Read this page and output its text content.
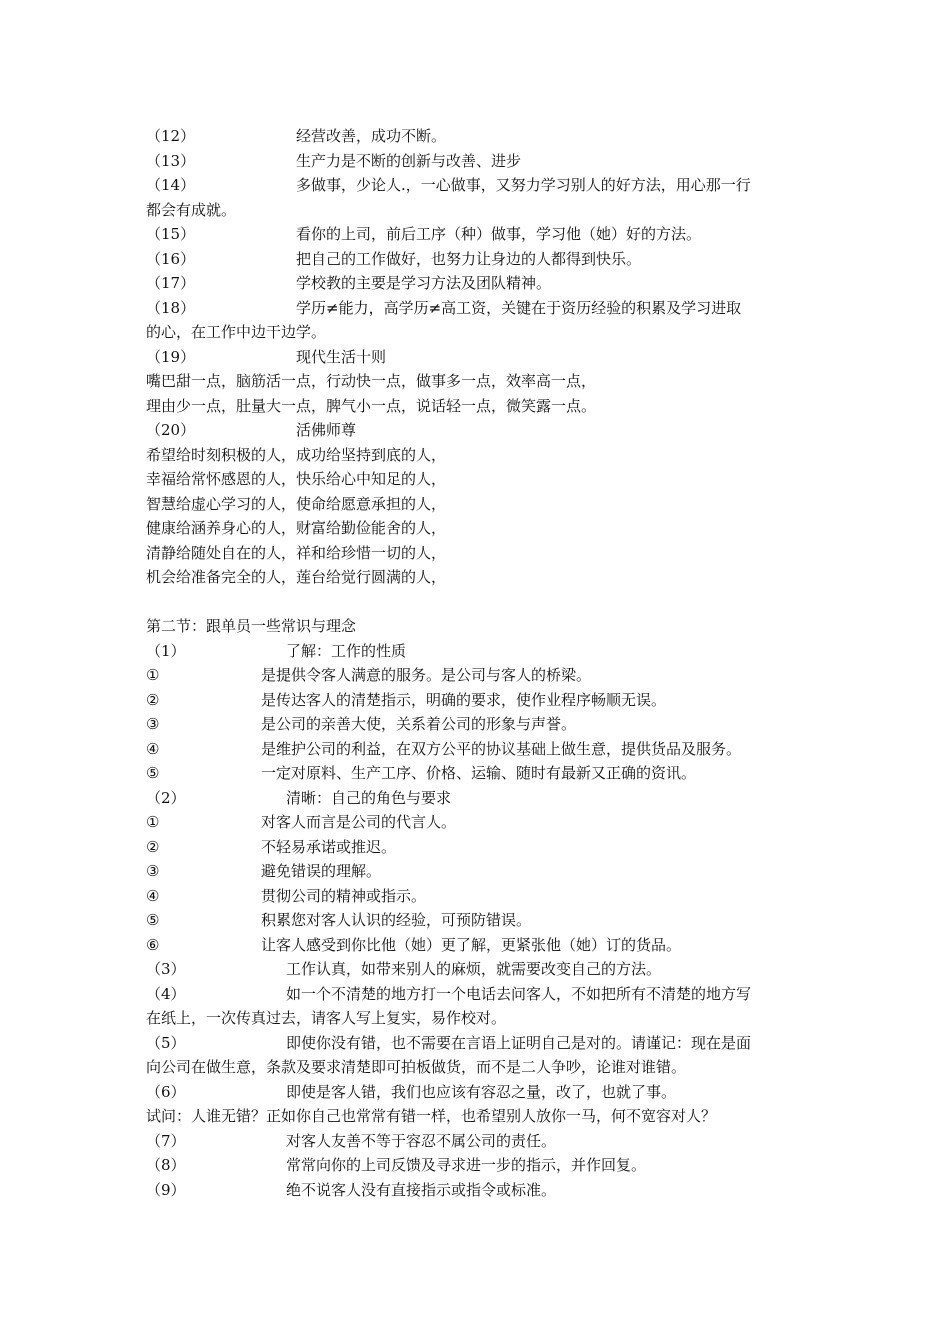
（12）	经营改善，成功不断。
（13）	生产力是不断的创新与改善、进步
（14）	多做事，少论人.，一心做事，又努力学习别人的好方法，用心那一行
都会有成就。
（15）	看你的上司，前后工序（种）做事，学习他（她）好的方法。
（16）	把自己的工作做好，也努力让身边的人都得到快乐。
（17）	学校教的主要是学习方法及团队精神。
（18）	学历≠能力，高学历≠高工资，关键在于资历经验的积累及学习进取
的心，在工作中边干边学。
（19）	现代生活十则
嘴巴甜一点，脑筋活一点，行动快一点，做事多一点，效率高一点，
理由少一点，肚量大一点，脾气小一点，说话轻一点，微笑露一点。
（20）	活佛师尊
希望给时刻积极的人，成功给坚持到底的人，
幸福给常怀感恩的人，快乐给心中知足的人，
智慧给虚心学习的人，使命给愿意承担的人，
健康给涵养身心的人，财富给勤俭能舍的人，
清静给随处自在的人，祥和给珍惜一切的人，
机会给准备完全的人，莲台给觉行圆满的人，
第二节：跟单员一些常识与理念
（1）	了解：工作的性质
①	是提供令客人满意的服务。是公司与客人的桥梁。
②	是传达客人的清楚指示，明确的要求，使作业程序畅顺无误。
③	是公司的亲善大使，关系着公司的形象与声誉。
④	是维护公司的利益，在双方公平的协议基础上做生意，提供货品及服务。
⑤	一定对原料、生产工序、价格、运输、随时有最新又正确的资讯。
（2）	清晰：自己的角色与要求
①	对客人而言是公司的代言人。
②	不轻易承诺或推迟。
③	避免错误的理解。
④	贯彻公司的精神或指示。
⑤	积累您对客人认识的经验，可预防错误。
⑥	让客人感受到你比他（她）更了解，更紧张他（她）订的货品。
（3）	工作认真，如带来别人的麻烦，就需要改变自己的方法。
（4）	如一个不清楚的地方打一个电话去问客人，不如把所有不清楚的地方写
在纸上，一次传真过去，请客人写上复实，易作校对。
（5）	即使你没有错，也不需要在言语上证明自己是对的。请谨记：现在是面
向公司在做生意，条款及要求清楚即可拍板做货，而不是二人争吵，论谁对谁错。
（6）	即使是客人错，我们也应该有容忍之量，改了，也就了事。
试问：人谁无错？正如你自己也常常有错一样，也希望别人放你一马，何不宽容对人？
（7）	对客人友善不等于容忍不属公司的责任。
（8）	常常向你的上司反馈及寻求进一步的指示，并作回复。
（9）	绝不说客人没有直接指示或指令或标准。
